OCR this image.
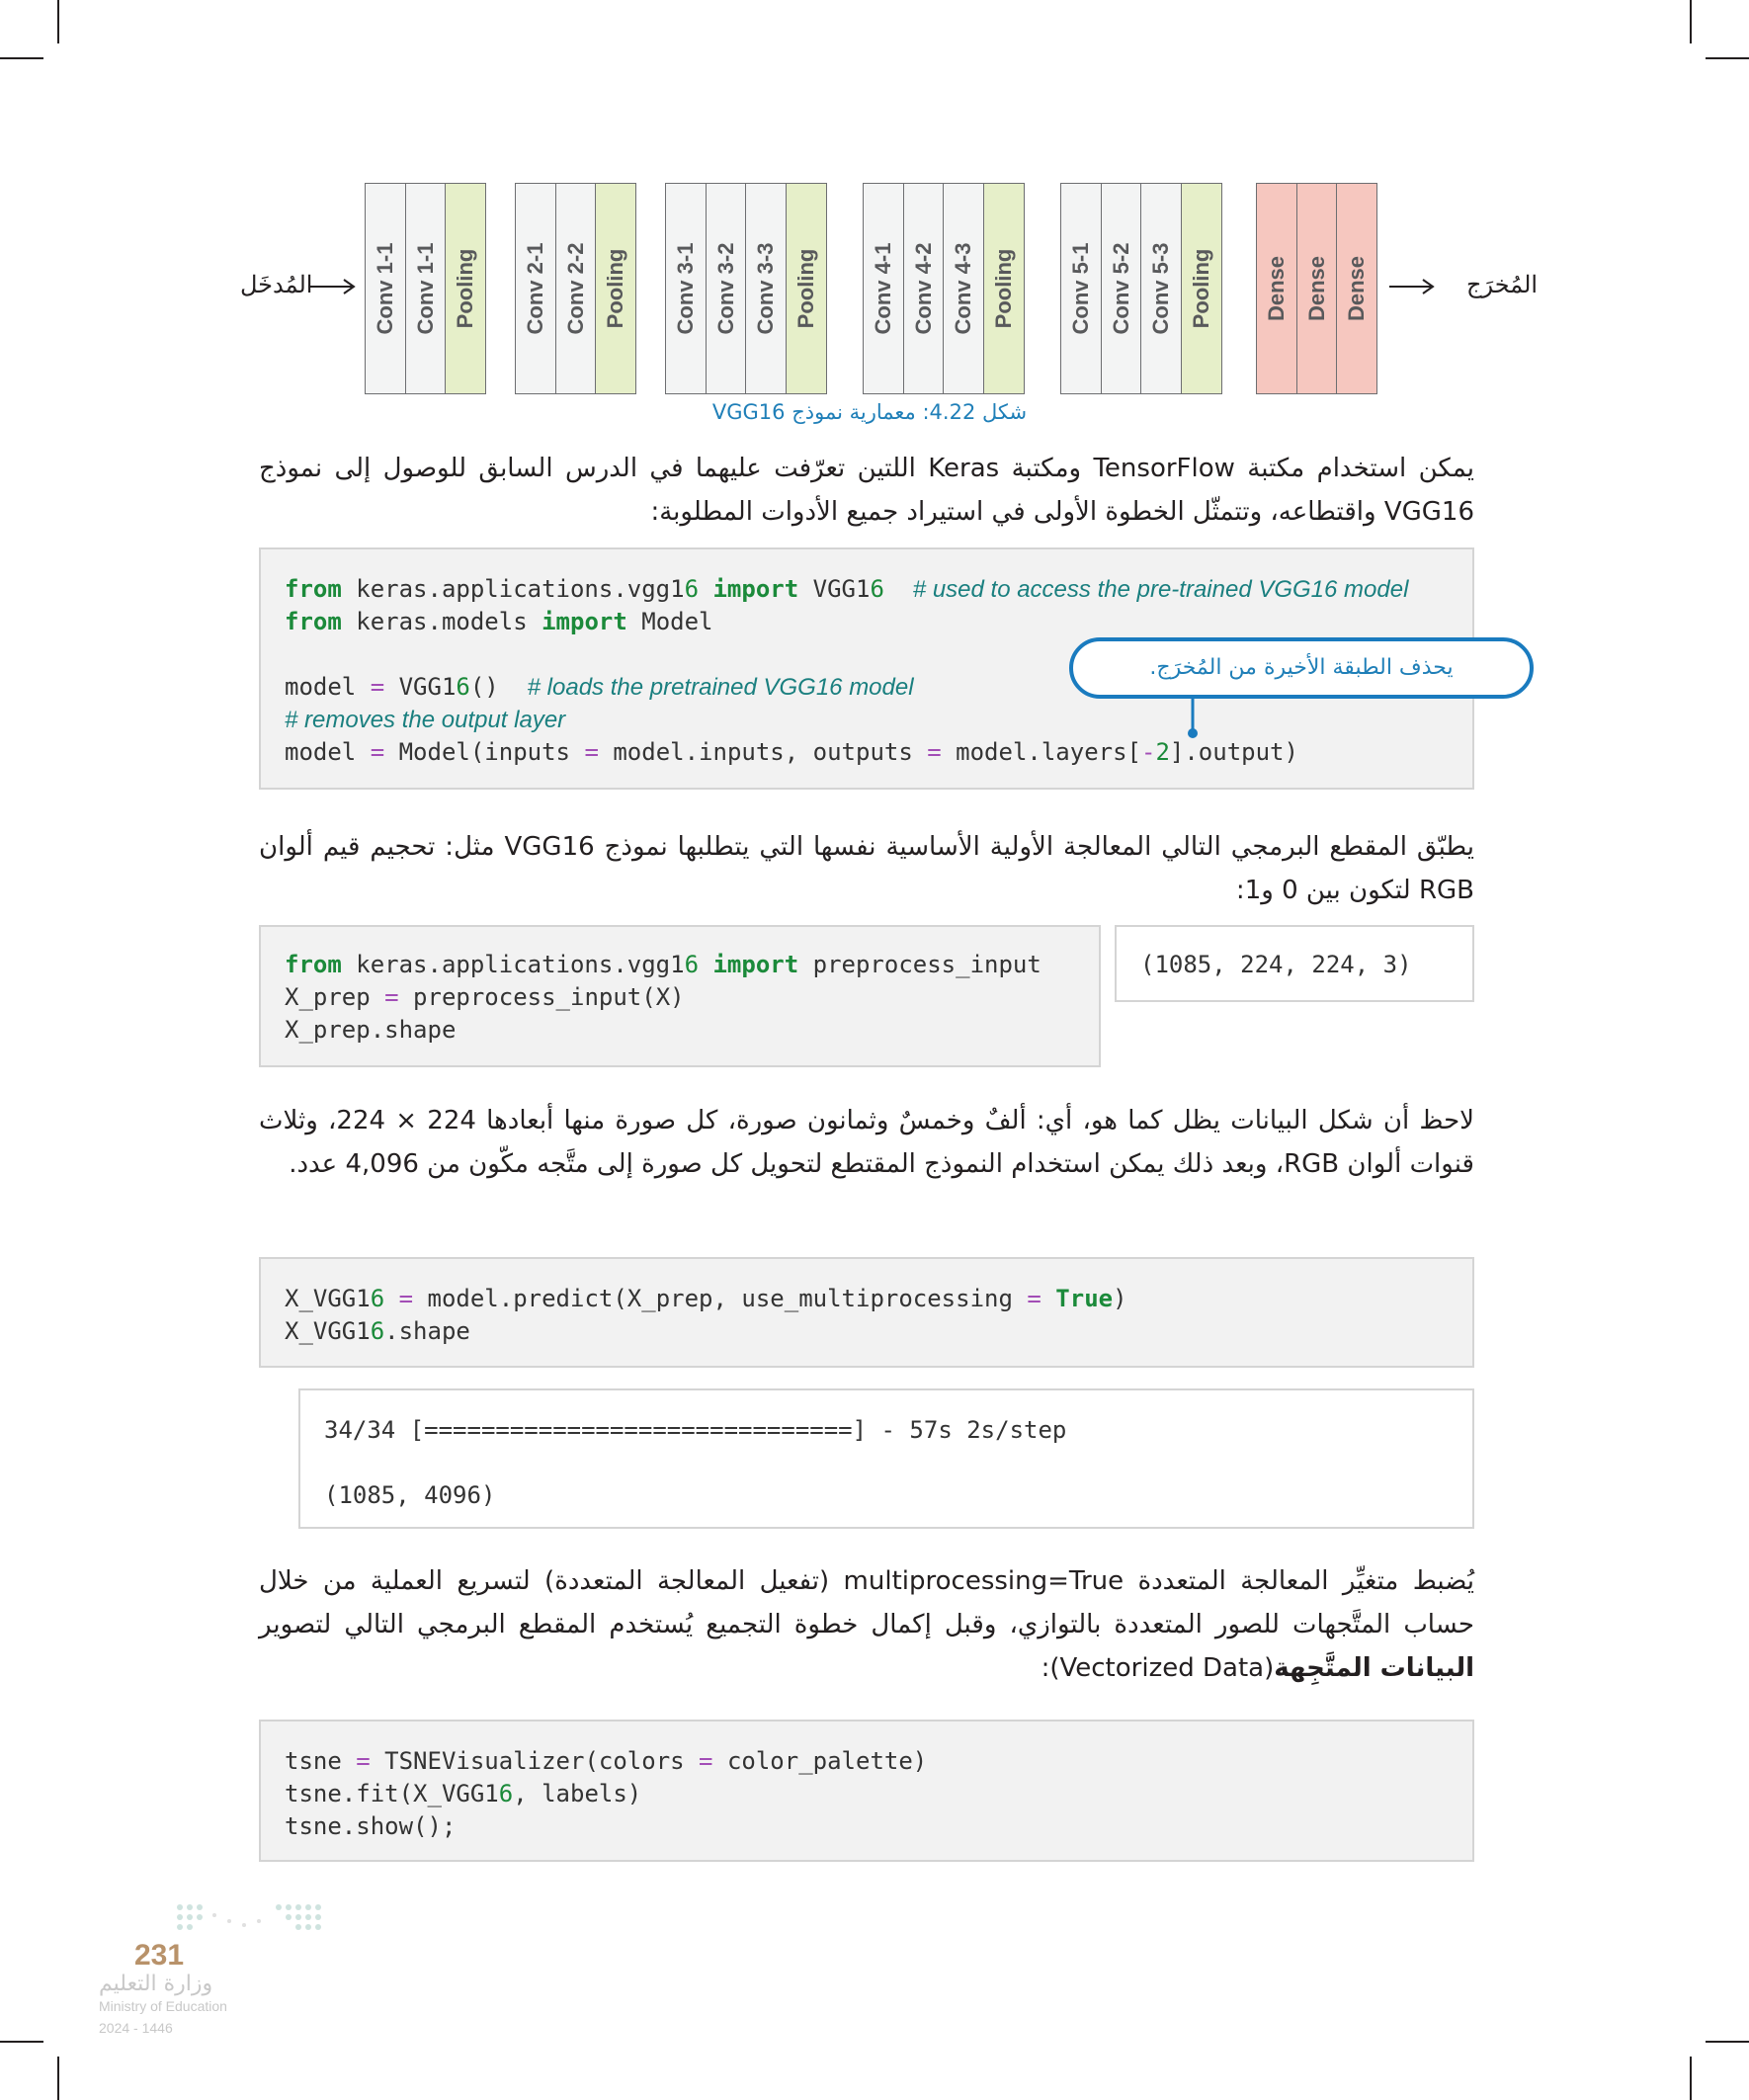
المُدخَل	Conv 1-1 Conv 1-1 Pooling Conv 2-1 Conv 2-2 Pooling Conv 3-1 Conv 3-2 Conv 3-3 Pooling Conv 4-1 Conv 4-2 Conv 4-3 Pooling Conv 5-1 Conv 5-2 Conv 5-3 Pooling Dense Dense Dense	المُخرَج
شكل 4.22: معمارية نموذج VGG16
يمكن استخدام مكتبة TensorFlow ومكتبة Keras اللتين تعرّفت عليهما في الدرس السابق للوصول إلى نموذج VGG16 واقتطاعه، وتتمثّل الخطوة الأولى في استيراد جميع الأدوات المطلوبة:
from keras.applications.vgg16 import VGG16 # used to access the pre-trained VGG16 model
from keras.models import Model

model = VGG16()  # loads the pretrained VGG16 model
# removes the output layer
model = Model(inputs = model.inputs, outputs = model.layers[-2].output)
يحذف الطبقة الأخيرة من المُخرَج.
يطبّق المقطع البرمجي التالي المعالجة الأولية الأساسية نفسها التي يتطلبها نموذج VGG16 مثل: تحجيم قيم ألوان RGB لتكون بين 0 و1:
from keras.applications.vgg16 import preprocess_input
X_prep = preprocess_input(X)
X_prep.shape
(1085, 224, 224, 3)
لاحظ أن شكل البيانات يظل كما هو، أي: ألفٌ وخمسٌ وثمانون صورة، كل صورة منها أبعادها 224 × 224، وثلاث قنوات ألوان RGB، وبعد ذلك يمكن استخدام النموذج المقتطع لتحويل كل صورة إلى متَّجه مكّون من 4,096 عدد.
X_VGG16 = model.predict(X_prep, use_multiprocessing = True)
X_VGG16.shape
34/34 [==============================] - 57s 2s/step

(1085, 4096)
يُضبط متغيِّر المعالجة المتعددة multiprocessing=True (تفعيل المعالجة المتعددة) لتسريع العملية من خلال حساب المتَّجهات للصور المتعددة بالتوازي، وقبل إكمال خطوة التجميع يُستخدم المقطع البرمجي التالي لتصوير البيانات المتَّجِهة(Vectorized Data):
tsne = TSNEVisualizer(colors = color_palette)
tsne.fit(X_VGG16, labels)
tsne.show();
231
وزارة التعليم
Ministry of Education
2024 - 1446
